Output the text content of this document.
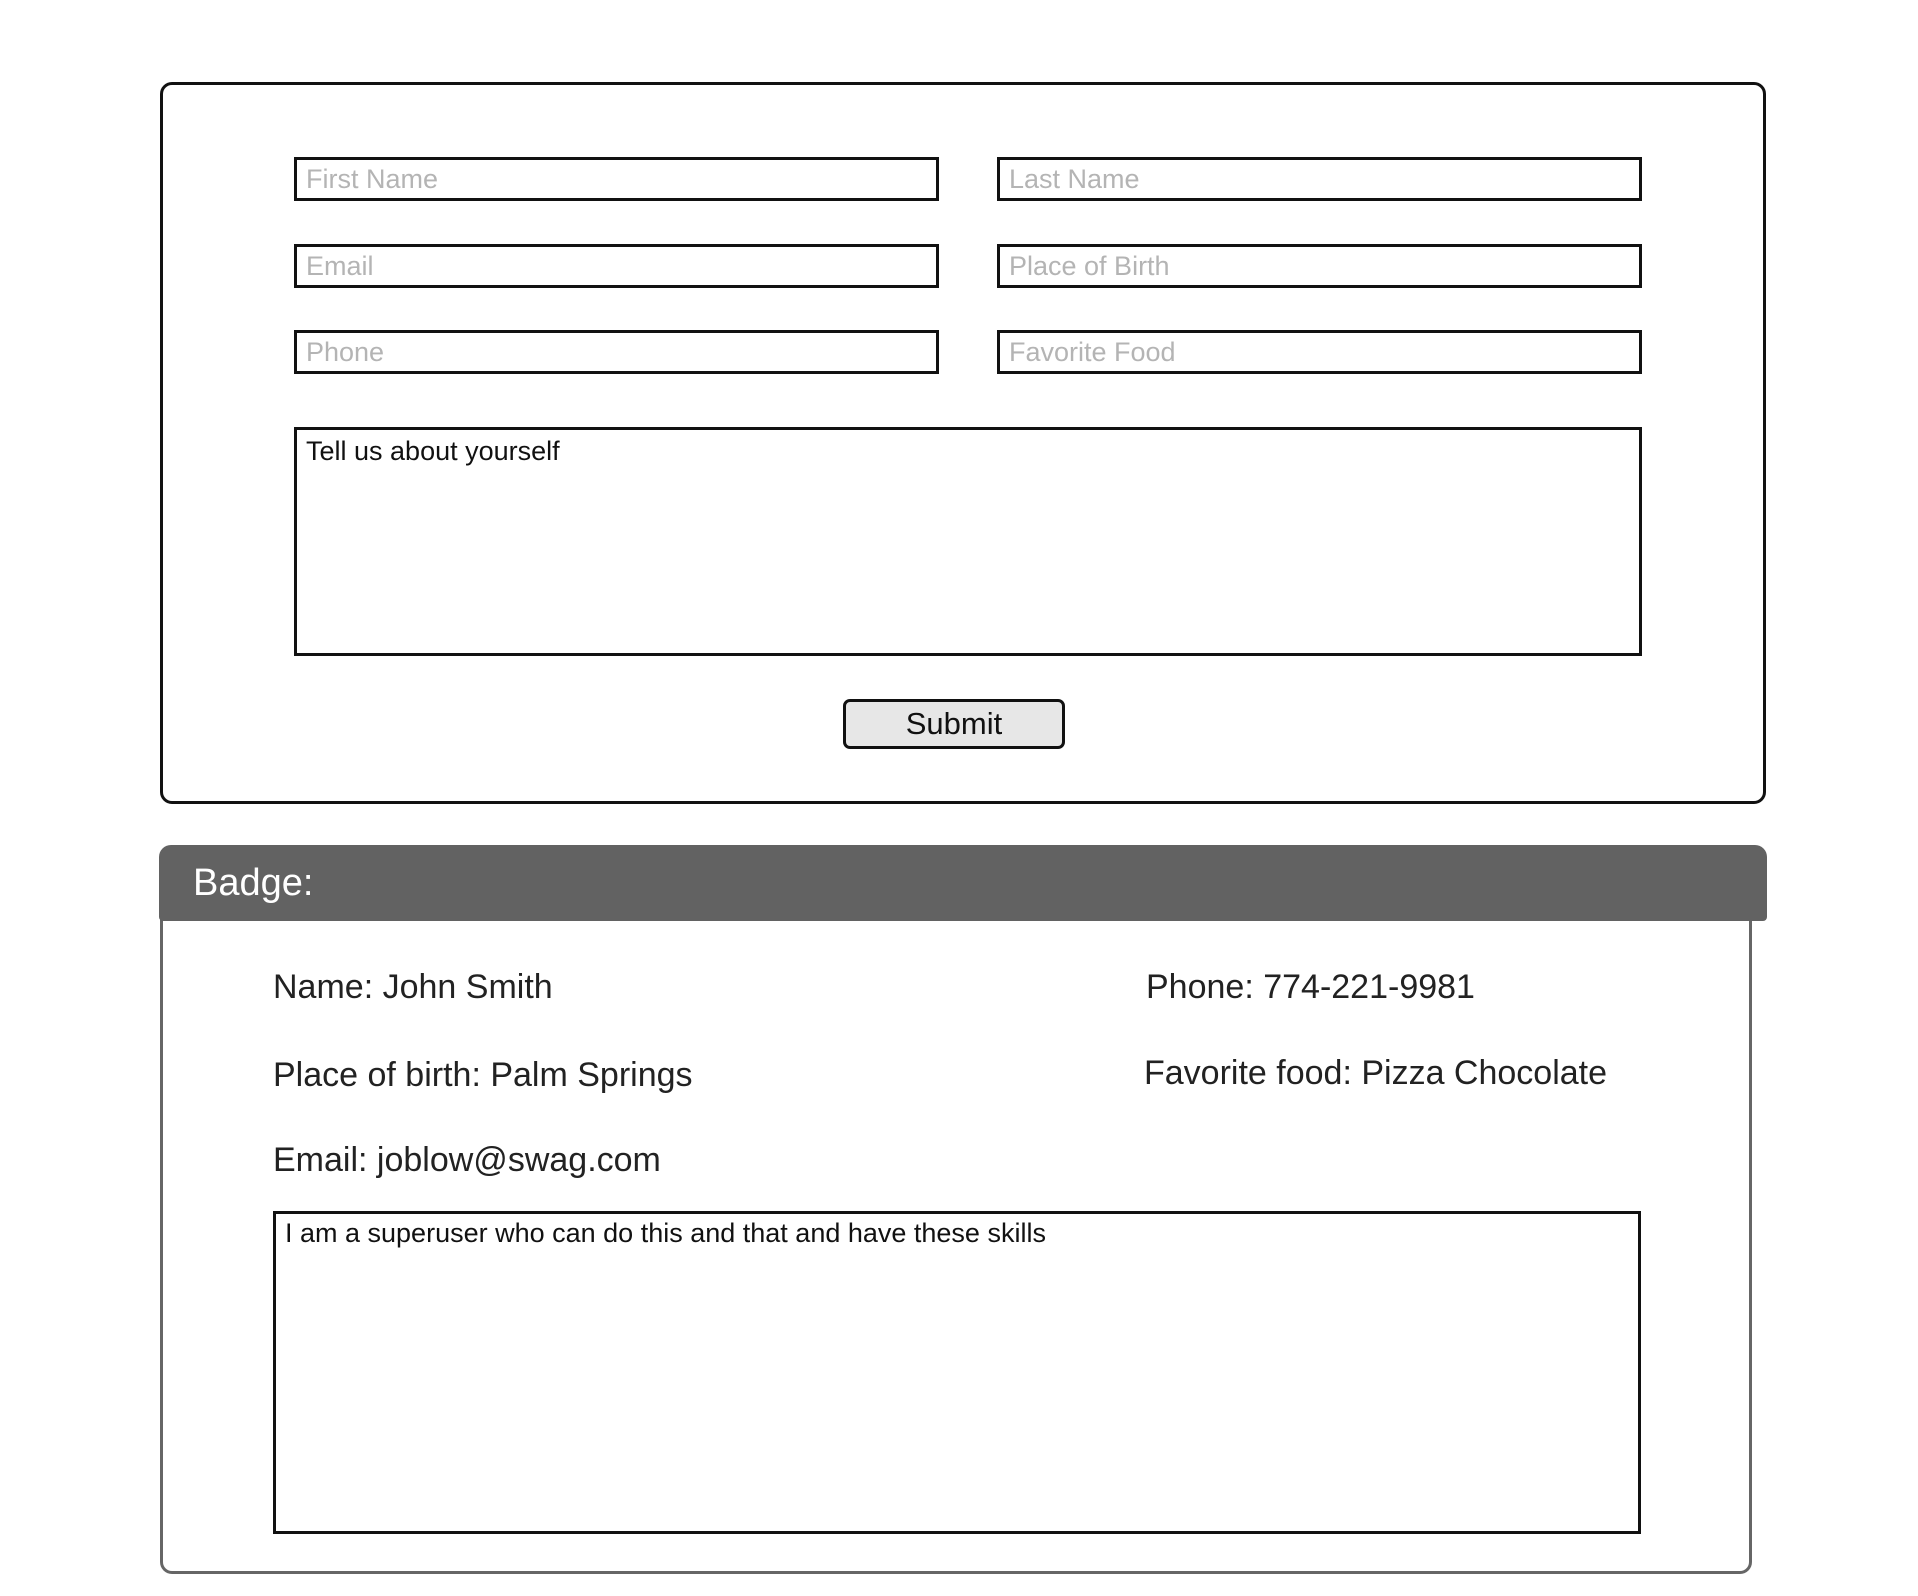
First Name
Last Name
Email
Place of Birth
Phone
Favorite Food
Tell us about yourself
Submit
Name: John Smith	Phone: 774-221-9981
Place of birth: Palm Springs	Favorite food: Pizza Chocolate
Email: joblow@swag.com
I am a superuser who can do this and that and have these skills
Badge:
